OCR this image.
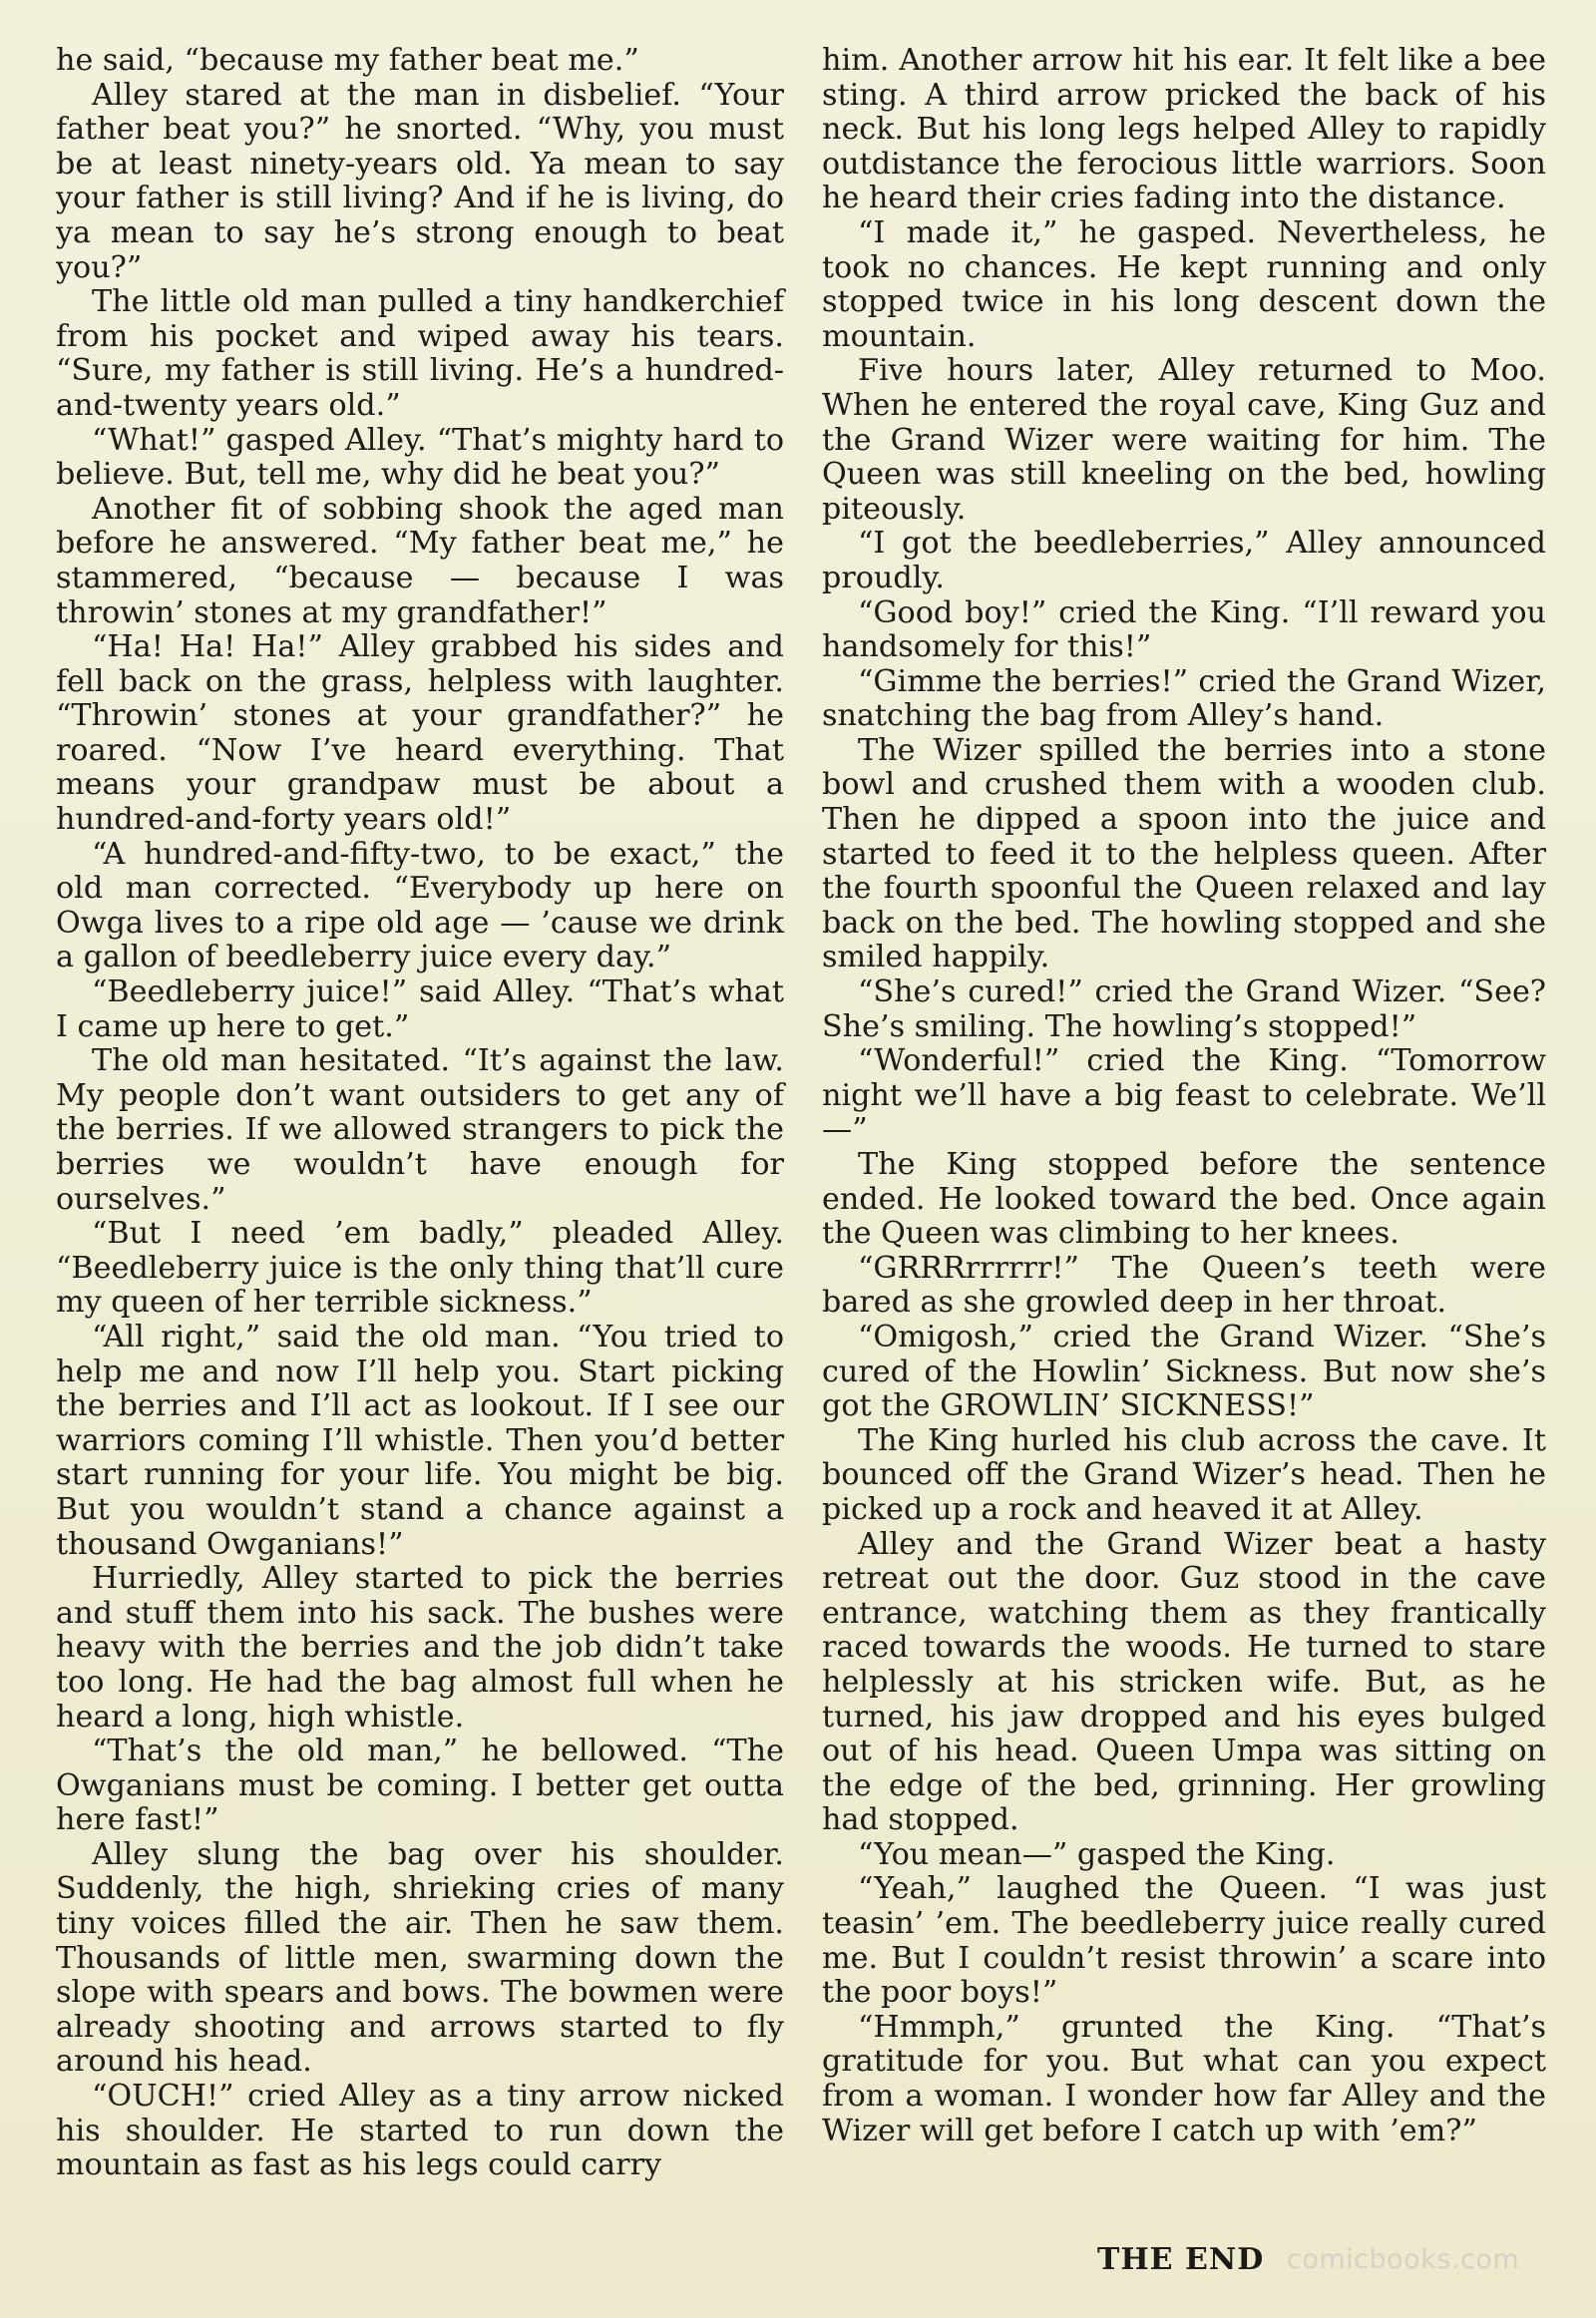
he said, “because my father beat me.”

Alley stared at the man in disbelief. “Your father beat you?” he snorted. “Why, you must be at least ninety-years old. Ya mean to say your father is still living? And if he is living, do ya mean to say he’s strong enough to beat you?”

The little old man pulled a tiny handkerchief from his pocket and wiped away his tears. “Sure, my father is still living. He’s a hundred-and-twenty years old.”

“What!” gasped Alley. “That’s mighty hard to believe. But, tell me, why did he beat you?”

Another fit of sobbing shook the aged man before he answered. “My father beat me,” he stammered, “because — because I was throwin’ stones at my grandfather!”

“Ha! Ha! Ha!” Alley grabbed his sides and fell back on the grass, helpless with laughter. “Throwin’ stones at your grandfather?” he roared. “Now I’ve heard everything. That means your grandpaw must be about a hundred-and-forty years old!”

“A hundred-and-fifty-two, to be exact,” the old man corrected. “Everybody up here on Owga lives to a ripe old age — ’cause we drink a gallon of beedleberry juice every day.”

“Beedleberry juice!” said Alley. “That’s what I came up here to get.”

The old man hesitated. “It’s against the law. My people don’t want outsiders to get any of the berries. If we allowed strangers to pick the berries we wouldn’t have enough for ourselves.”

“But I need ’em badly,” pleaded Alley. “Beedleberry juice is the only thing that’ll cure my queen of her terrible sickness.”

“All right,” said the old man. “You tried to help me and now I’ll help you. Start picking the berries and I’ll act as lookout. If I see our warriors coming I’ll whistle. Then you’d better start running for your life. You might be big. But you wouldn’t stand a chance against a thousand Owganians!”

Hurriedly, Alley started to pick the berries and stuff them into his sack. The bushes were heavy with the berries and the job didn’t take too long. He had the bag almost full when he heard a long, high whistle.

“That’s the old man,” he bellowed. “The Owganians must be coming. I better get outta here fast!”

Alley slung the bag over his shoulder. Suddenly, the high, shrieking cries of many tiny voices filled the air. Then he saw them. Thousands of little men, swarming down the slope with spears and bows. The bowmen were already shooting and arrows started to fly around his head.

“OUCH!” cried Alley as a tiny arrow nicked his shoulder. He started to run down the mountain as fast as his legs could carry

him. Another arrow hit his ear. It felt like a bee sting. A third arrow pricked the back of his neck. But his long legs helped Alley to rapidly outdistance the ferocious little warriors. Soon he heard their cries fading into the distance.

“I made it,” he gasped. Nevertheless, he took no chances. He kept running and only stopped twice in his long descent down the mountain.

Five hours later, Alley returned to Moo. When he entered the royal cave, King Guz and the Grand Wizer were waiting for him. The Queen was still kneeling on the bed, howling piteously.

“I got the beedleberries,” Alley announced proudly.

“Good boy!” cried the King. “I’ll reward you handsomely for this!”

“Gimme the berries!” cried the Grand Wizer, snatching the bag from Alley’s hand.

The Wizer spilled the berries into a stone bowl and crushed them with a wooden club. Then he dipped a spoon into the juice and started to feed it to the helpless queen. After the fourth spoonful the Queen relaxed and lay back on the bed. The howling stopped and she smiled happily.

“She’s cured!” cried the Grand Wizer. “See? She’s smiling. The howling’s stopped!”

“Wonderful!” cried the King. “Tomorrow night we’ll have a big feast to celebrate. We’ll—”

The King stopped before the sentence ended. He looked toward the bed. Once again the Queen was climbing to her knees.

“GRRRrrrrrr!” The Queen’s teeth were bared as she growled deep in her throat.

“Omigosh,” cried the Grand Wizer. “She’s cured of the Howlin’ Sickness. But now she’s got the GROWLIN’ SICKNESS!”

The King hurled his club across the cave. It bounced off the Grand Wizer’s head. Then he picked up a rock and heaved it at Alley.

Alley and the Grand Wizer beat a hasty retreat out the door. Guz stood in the cave entrance, watching them as they frantically raced towards the woods. He turned to stare helplessly at his stricken wife. But, as he turned, his jaw dropped and his eyes bulged out of his head. Queen Umpa was sitting on the edge of the bed, grinning. Her growling had stopped.

“You mean—” gasped the King.

“Yeah,” laughed the Queen. “I was just teasin’ ’em. The beedleberry juice really cured me. But I couldn’t resist throwin’ a scare into the poor boys!”

“Hmmph,” grunted the King. “That’s gratitude for you. But what can you expect from a woman. I wonder how far Alley and the Wizer will get before I catch up with ’em?”

THE END comicbooks.com
